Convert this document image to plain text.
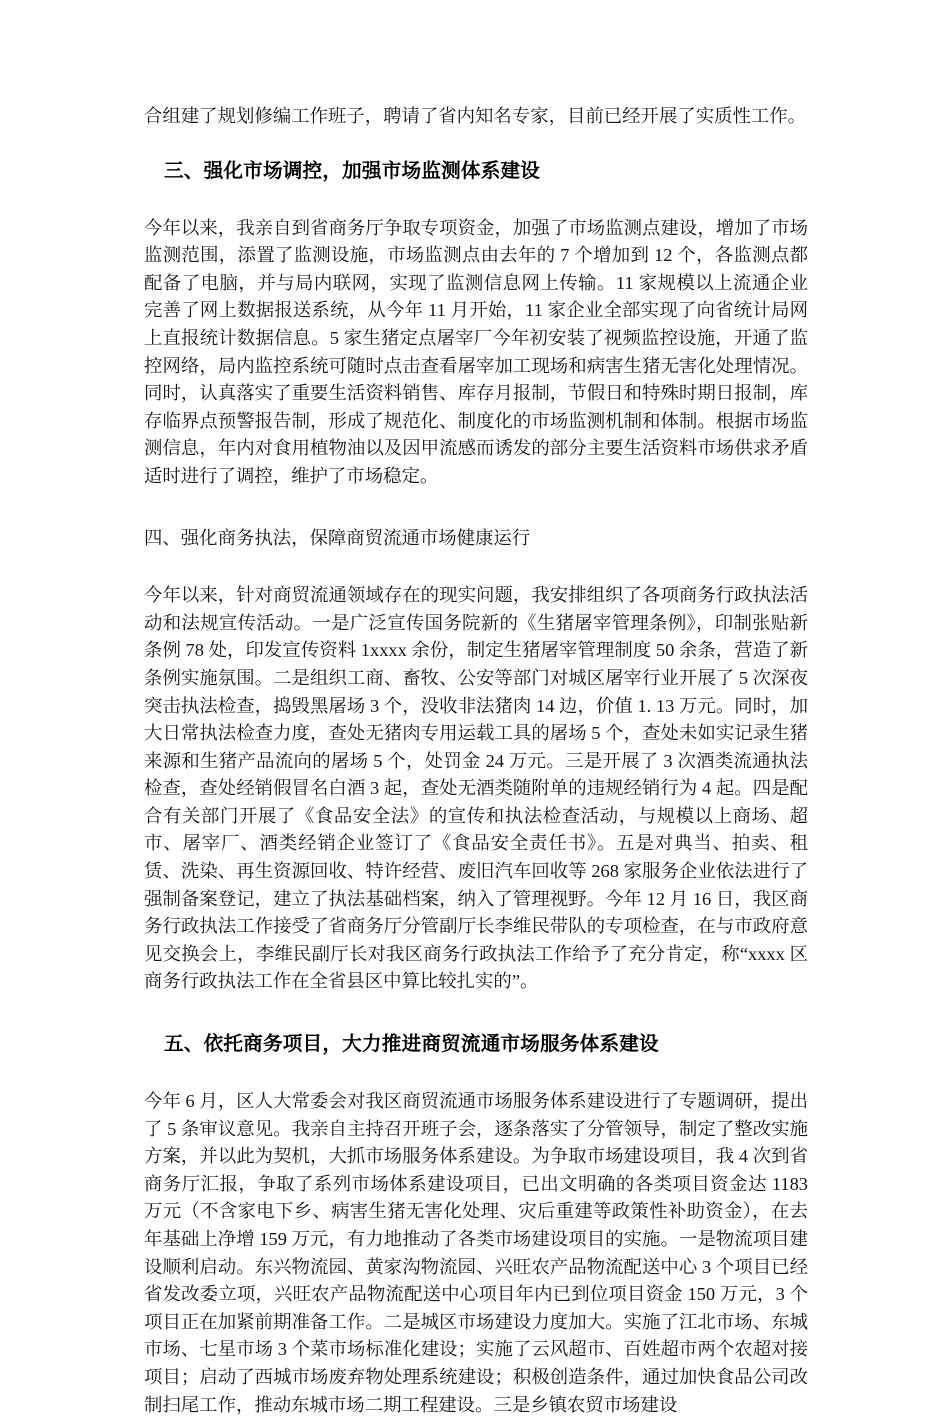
合组建了规划修编工作班子，聘请了省内知名专家，目前已经开展了实质性工作。

三、强化市场调控，加强市场监测体系建设

今年以来，我亲自到省商务厅争取专项资金，加强了市场监测点建设，增加了市场监测范围，添置了监测设施，市场监测点由去年的 7 个增加到 12 个，各监测点都配备了电脑，并与局内联网，实现了监测信息网上传输。11 家规模以上流通企业完善了网上数据报送系统，从今年 11 月开始，11 家企业全部实现了向省统计局网上直报统计数据信息。5 家生猪定点屠宰厂今年初安装了视频监控设施，开通了监控网络，局内监控系统可随时点击查看屠宰加工现场和病害生猪无害化处理情况。同时，认真落实了重要生活资料销售、库存月报制，节假日和特殊时期日报制，库存临界点预警报告制，形成了规范化、制度化的市场监测机制和体制。根据市场监测信息，年内对食用植物油以及因甲流感而诱发的部分主要生活资料市场供求矛盾适时进行了调控，维护了市场稳定。

四、强化商务执法，保障商贸流通市场健康运行

今年以来，针对商贸流通领域存在的现实问题，我安排组织了各项商务行政执法活动和法规宣传活动。一是广泛宣传国务院新的《生猪屠宰管理条例》，印制张贴新条例 78 处，印发宣传资料 1xxxx 余份，制定生猪屠宰管理制度 50 余条，营造了新条例实施氛围。二是组织工商、畜牧、公安等部门对城区屠宰行业开展了 5 次深夜突击执法检查，捣毁黑屠场 3 个，没收非法猪肉 14 边，价值 1. 13 万元。同时，加大日常执法检查力度，查处无猪肉专用运载工具的屠场 5 个，查处未如实记录生猪来源和生猪产品流向的屠场 5 个，处罚金 24 万元。三是开展了 3 次酒类流通执法检查，查处经销假冒名白酒 3 起，查处无酒类随附单的违规经销行为 4 起。四是配合有关部门开展了《食品安全法》的宣传和执法检查活动，与规模以上商场、超市、屠宰厂、酒类经销企业签订了《食品安全责任书》。五是对典当、拍卖、租赁、洗染、再生资源回收、特许经营、废旧汽车回收等 268 家服务企业依法进行了强制备案登记，建立了执法基础档案，纳入了管理视野。今年 12 月 16 日，我区商务行政执法工作接受了省商务厅分管副厅长李维民带队的专项检查，在与市政府意见交换会上，李维民副厅长对我区商务行政执法工作给予了充分肯定，称“xxxx 区商务行政执法工作在全省县区中算比较扎实的”。

五、依托商务项目，大力推进商贸流通市场服务体系建设

今年 6 月，区人大常委会对我区商贸流通市场服务体系建设进行了专题调研，提出了 5 条审议意见。我亲自主持召开班子会，逐条落实了分管领导，制定了整改实施方案，并以此为契机，大抓市场服务体系建设。为争取市场建设项目，我 4 次到省商务厅汇报，争取了系列市场体系建设项目，已出文明确的各类项目资金达 1183 万元（不含家电下乡、病害生猪无害化处理、灾后重建等政策性补助资金），在去年基础上净增 159 万元，有力地推动了各类市场建设项目的实施。一是物流项目建设顺利启动。东兴物流园、黄家沟物流园、兴旺农产品物流配送中心 3 个项目已经省发改委立项，兴旺农产品物流配送中心项目年内已到位项目资金 150 万元，3 个项目正在加紧前期准备工作。二是城区市场建设力度加大。实施了江北市场、东城市场、七星市场 3 个菜市场标准化建设；实施了云风超市、百姓超市两个农超对接项目；启动了西城市场废弃物处理系统建设；积极创造条件，通过加快食品公司改制扫尾工作，推动东城市场二期工程建设。三是乡镇农贸市场建设
